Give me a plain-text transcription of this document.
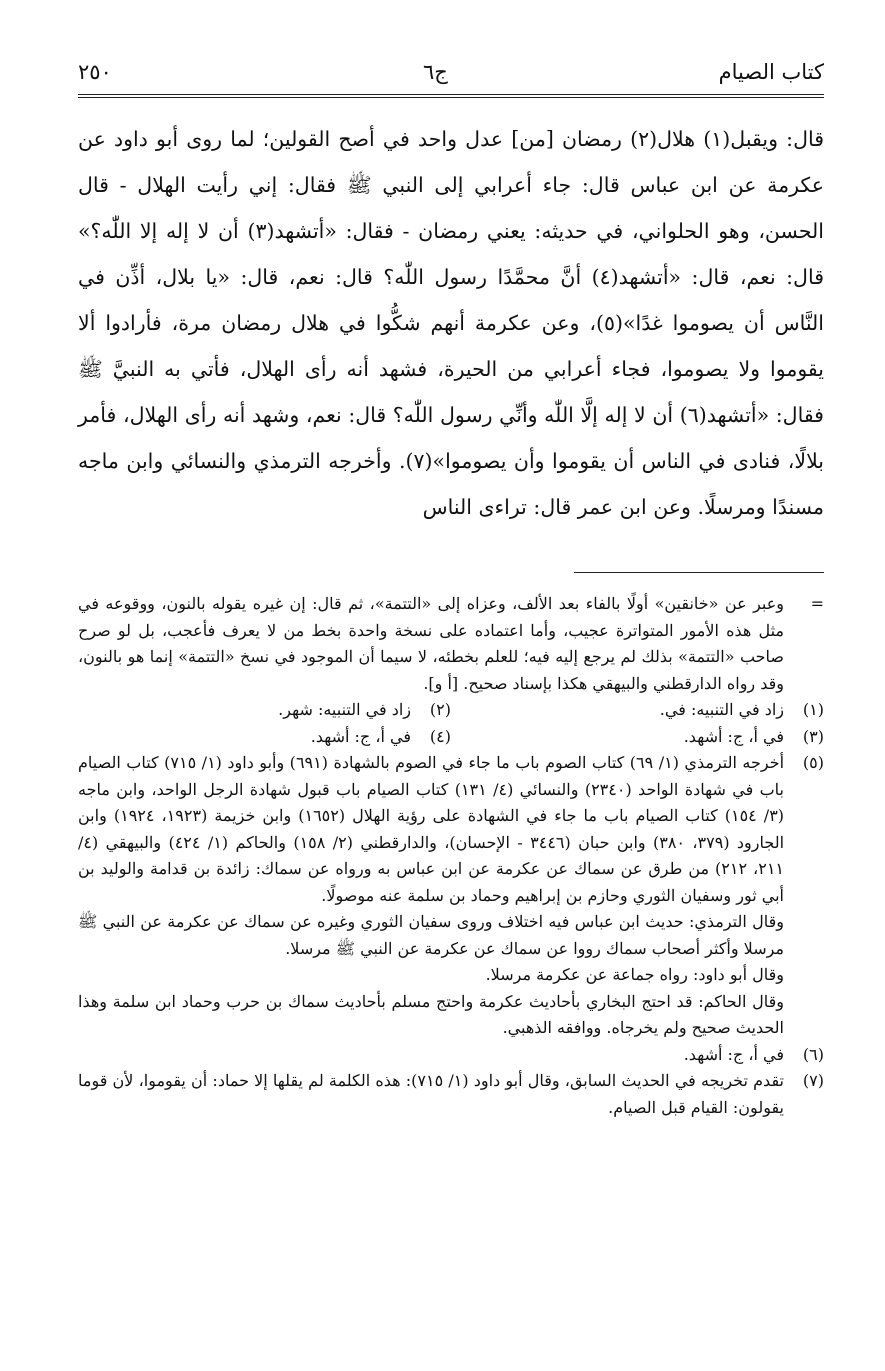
٢٥٠	ج٦	كتاب الصيام
قال: ويقبل(١) هلال(٢) رمضان [من] عدل واحد في أصح القولين؛ لما روى أبو داود عن عكرمة عن ابن عباس قال: جاء أعرابي إلى النبي ﷺ فقال: إني رأيت الهلال - قال الحسن، وهو الحلواني، في حديثه: يعني رمضان - فقال: «أتشهد(٣) أن لا إله إلا اللّٰه؟» قال: نعم، قال: «أتشهد(٤) أنَّ محمَّدًا رسول اللّٰه؟ قال: نعم، قال: «يا بلال، أذِّن في النَّاس أن يصوموا غدًا»(٥)، وعن عكرمة أنهم شكُّوا في هلال رمضان مرة، فأرادوا ألا يقوموا ولا يصوموا، فجاء أعرابي من الحيرة، فشهد أنه رأى الهلال، فأتي به النبيَّ ﷺ فقال: «أتشهد(٦) أن لا إله إلَّا اللّٰه وأنِّي رسول اللّٰه؟ قال: نعم، وشهد أنه رأى الهلال، فأمر بلالًا، فنادى في الناس أن يقوموا وأن يصوموا»(٧). وأخرجه الترمذي والنسائي وابن ماجه مسندًا ومرسلًا. وعن ابن عمر قال: تراءى الناس
=
وعبر عن «خانقين» أولًا بالفاء بعد الألف، وعزاه إلى «التتمة»، ثم قال: إن غيره يقوله بالنون، ووقوعه في مثل هذه الأمور المتواترة عجيب، وأما اعتماده على نسخة واحدة بخط من لا يعرف فأعجب، بل لو صرح صاحب «التتمة» بذلك لم يرجع إليه فيه؛ للعلم بخطئه، لا سيما أن الموجود في نسخ «التتمة» إنما هو بالنون، وقد رواه الدارقطني والبيهقي هكذا بإسناد صحيح. [أ و].
(١)
زاد في التنبيه: في.
(٢)
زاد في التنبيه: شهر.
(٣)
في أ، ج: أشهد.
(٤)
في أ، ج: أشهد.
(٥)
أخرجه الترمذي (١/ ٦٩) كتاب الصوم باب ما جاء في الصوم بالشهادة (٦٩١) وأبو داود (١/ ٧١٥) كتاب الصيام باب في شهادة الواحد (٢٣٤٠) والنسائي (٤/ ١٣١) كتاب الصيام باب قبول شهادة الرجل الواحد، وابن ماجه (٣/ ١٥٤) كتاب الصيام باب ما جاء في الشهادة على رؤية الهلال (١٦٥٢) وابن خزيمة (١٩٢٣، ١٩٢٤) وابن الجارود (٣٧٩، ٣٨٠) وابن حبان (٣٤٤٦ - الإحسان)، والدارقطني (٢/ ١٥٨) والحاكم (١/ ٤٢٤) والبيهقي (٤/ ٢١١، ٢١٢) من طرق عن سماك عن عكرمة عن ابن عباس به ورواه عن سماك: زائدة بن قدامة والوليد بن أبي ثور وسفيان الثوري وحازم بن إبراهيم وحماد بن سلمة عنه موصولًا.
وقال الترمذي: حديث ابن عباس فيه اختلاف وروى سفيان الثوري وغيره عن سماك عن عكرمة عن النبي ﷺ مرسلا وأكثر أصحاب سماك رووا عن سماك عن عكرمة عن النبي ﷺ مرسلا.
وقال أبو داود: رواه جماعة عن عكرمة مرسلا.
وقال الحاكم: قد احتج البخاري بأحاديث عكرمة واحتج مسلم بأحاديث سماك بن حرب وحماد ابن سلمة وهذا الحديث صحيح ولم يخرجاه. ووافقه الذهبي.
(٦)
في أ، ج: أشهد.
(٧)
تقدم تخريجه في الحديث السابق، وقال أبو داود (١/ ٧١٥): هذه الكلمة لم يقلها إلا حماد: أن يقوموا، لأن قوما يقولون: القيام قبل الصيام.
